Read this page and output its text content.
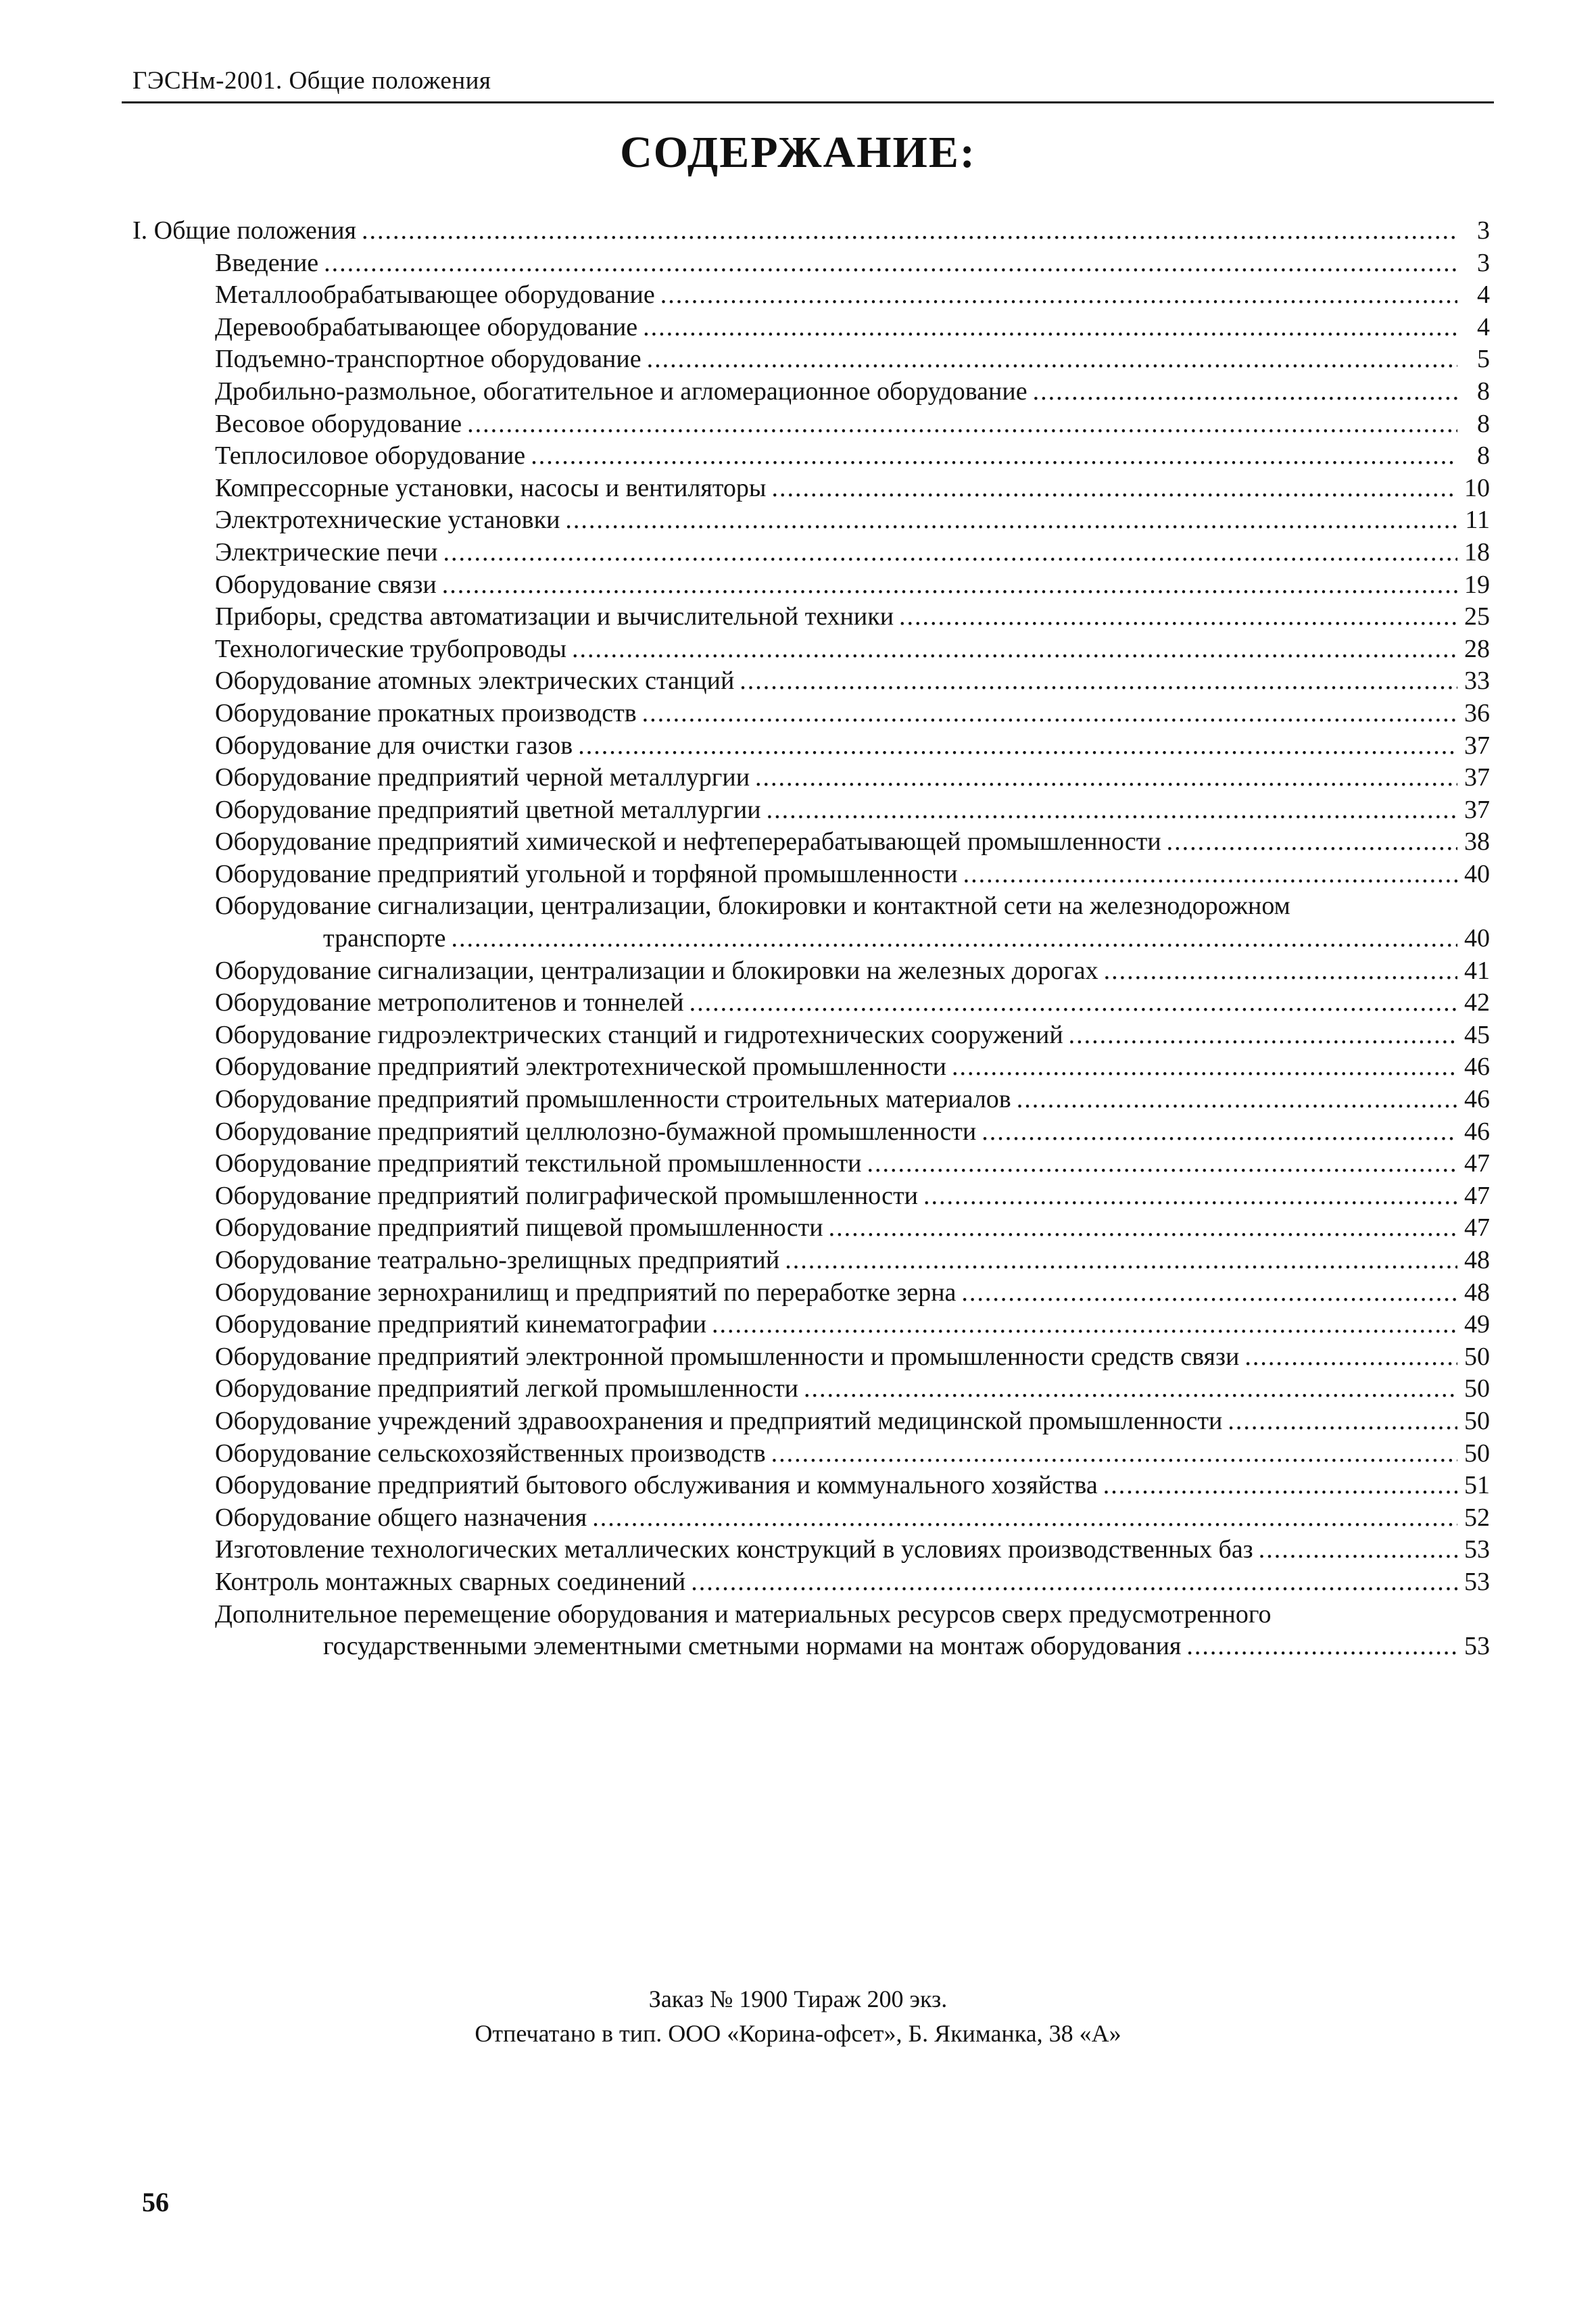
ГЭСНм-2001. Общие положения
СОДЕРЖАНИЕ:
I. Общие положения .....	3
Введение .....	3
Металлообрабатывающее оборудование .....	4
Деревообрабатывающее оборудование .....	4
Подъемно-транспортное оборудование .....	5
Дробильно-размольное, обогатительное и агломерационное оборудование .....	8
Весовое оборудование .....	8
Теплосиловое оборудование .....	8
Компрессорные установки, насосы и вентиляторы .....	10
Электротехнические установки .....	11
Электрические печи .....	18
Оборудование связи .....	19
Приборы, средства автоматизации и вычислительной техники .....	25
Технологические трубопроводы .....	28
Оборудование атомных электрических станций .....	33
Оборудование прокатных производств .....	36
Оборудование для очистки газов .....	37
Оборудование предприятий черной металлургии .....	37
Оборудование предприятий цветной металлургии .....	37
Оборудование предприятий химической и нефтеперерабатывающей промышленности .....	38
Оборудование предприятий угольной и торфяной промышленности .....	40
Оборудование сигнализации, централизации, блокировки и контактной сети на железнодорожном
транспорте .....	40
Оборудование сигнализации, централизации и блокировки на железных дорогах .....	41
Оборудование метрополитенов и тоннелей .....	42
Оборудование гидроэлектрических станций и гидротехнических сооружений .....	45
Оборудование предприятий электротехнической промышленности .....	46
Оборудование предприятий промышленности строительных материалов .....	46
Оборудование предприятий целлюлозно-бумажной промышленности .....	46
Оборудование предприятий текстильной промышленности .....	47
Оборудование предприятий полиграфической промышленности .....	47
Оборудование предприятий пищевой промышленности .....	47
Оборудование театрально-зрелищных предприятий .....	48
Оборудование зернохранилищ и предприятий по переработке зерна .....	48
Оборудование предприятий кинематографии .....	49
Оборудование предприятий электронной промышленности и промышленности средств связи .....	50
Оборудование предприятий легкой промышленности .....	50
Оборудование учреждений здравоохранения и предприятий медицинской промышленности .....	50
Оборудование сельскохозяйственных производств .....	50
Оборудование предприятий бытового обслуживания и коммунального хозяйства .....	51
Оборудование общего назначения .....	52
Изготовление технологических металлических конструкций в условиях производственных баз .....	53
Контроль монтажных сварных соединений .....	53
Дополнительное перемещение оборудования и материальных ресурсов сверх предусмотренного
государственными элементными сметными нормами на монтаж оборудования .....	53
Заказ № 1900 Тираж 200 экз.
Отпечатано в тип. ООО «Корина-офсет», Б. Якиманка, 38 «А»
56
